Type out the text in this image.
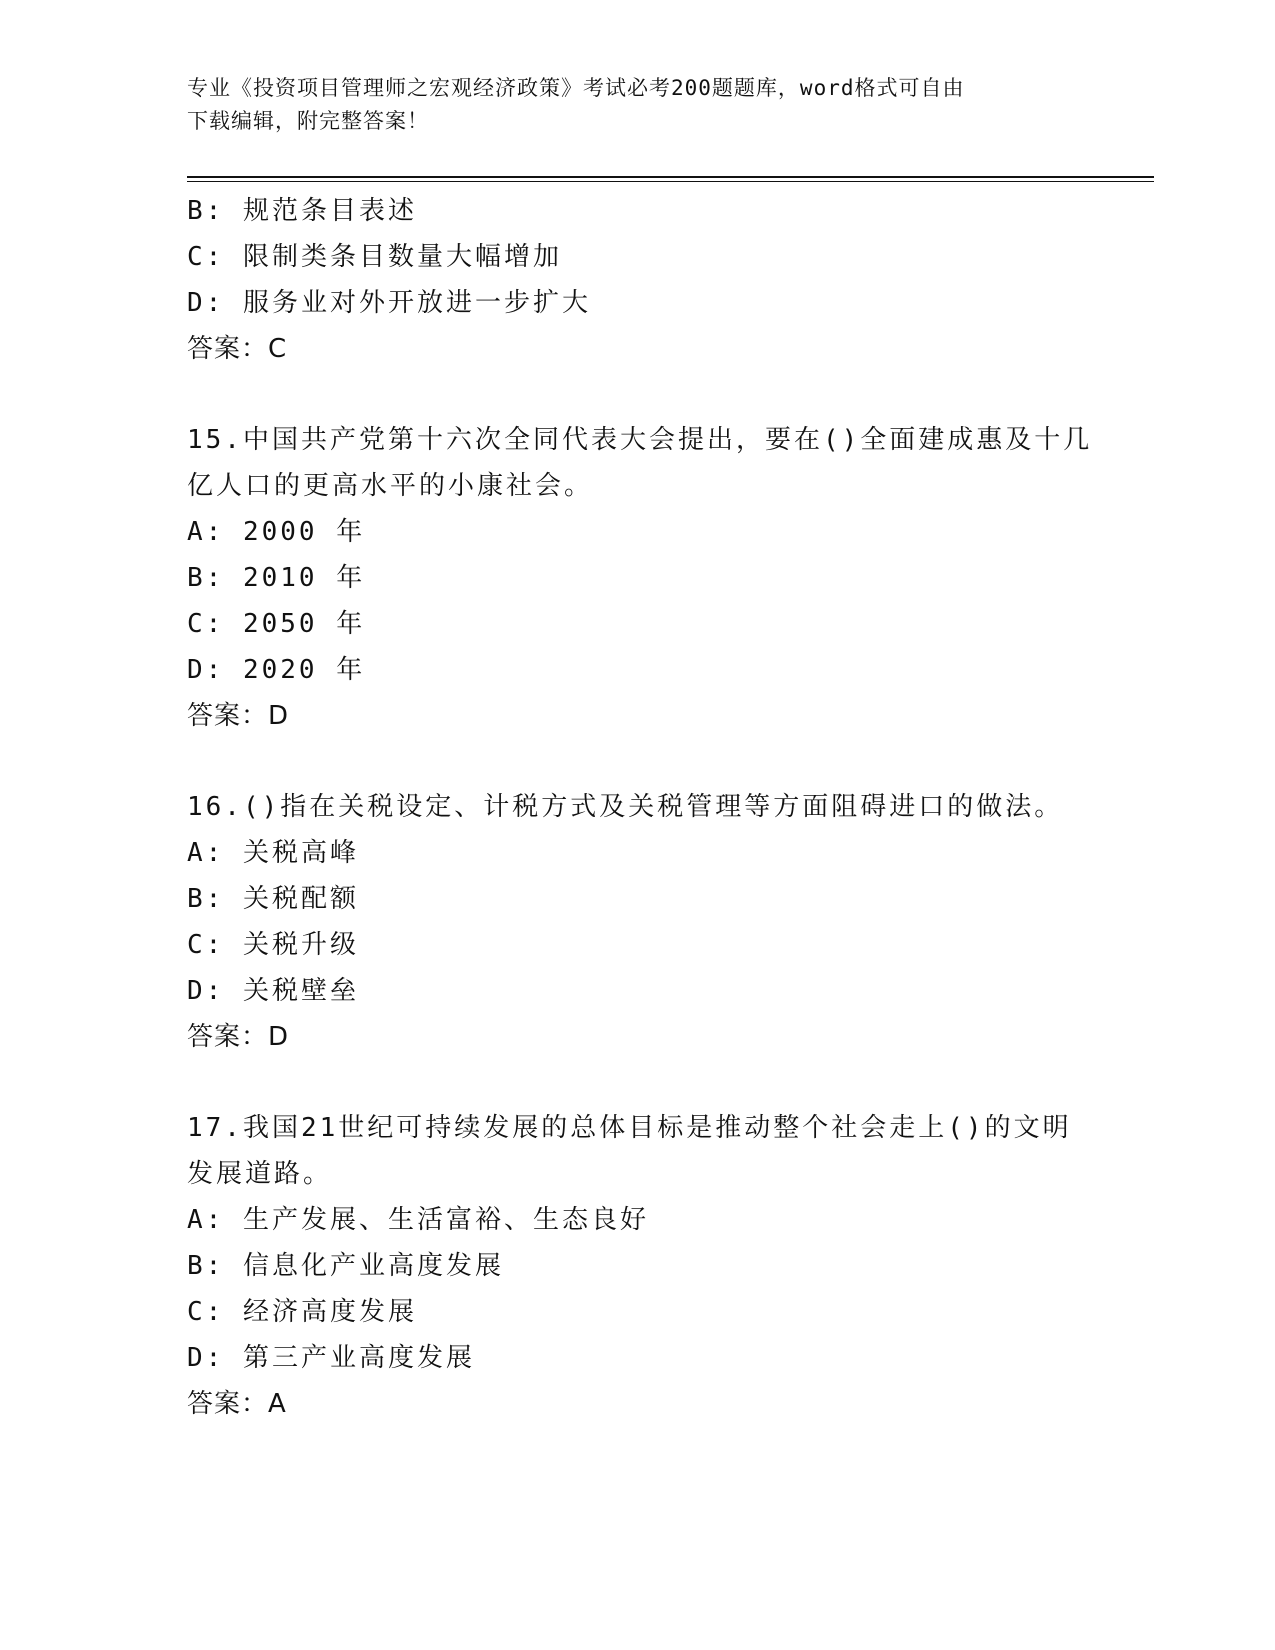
专业《投资项目管理师之宏观经济政策》考试必考200题题库，word格式可自由
下载编辑，附完整答案！
B: 规范条目表述
C: 限制类条目数量大幅增加
D: 服务业对外开放进一步扩大
答案：C
15.中国共产党第十六次全同代表大会提出，要在()全面建成惠及十几
亿人口的更高水平的小康社会。
A: 2000 年
B: 2010 年
C: 2050 年
D: 2020 年
答案：D
16.()指在关税设定、计税方式及关税管理等方面阻碍进口的做法。
A: 关税高峰
B: 关税配额
C: 关税升级
D: 关税壁垒
答案：D
17.我国21世纪可持续发展的总体目标是推动整个社会走上()的文明
发展道路。
A: 生产发展、生活富裕、生态良好
B: 信息化产业高度发展
C: 经济高度发展
D: 第三产业高度发展
答案：A
